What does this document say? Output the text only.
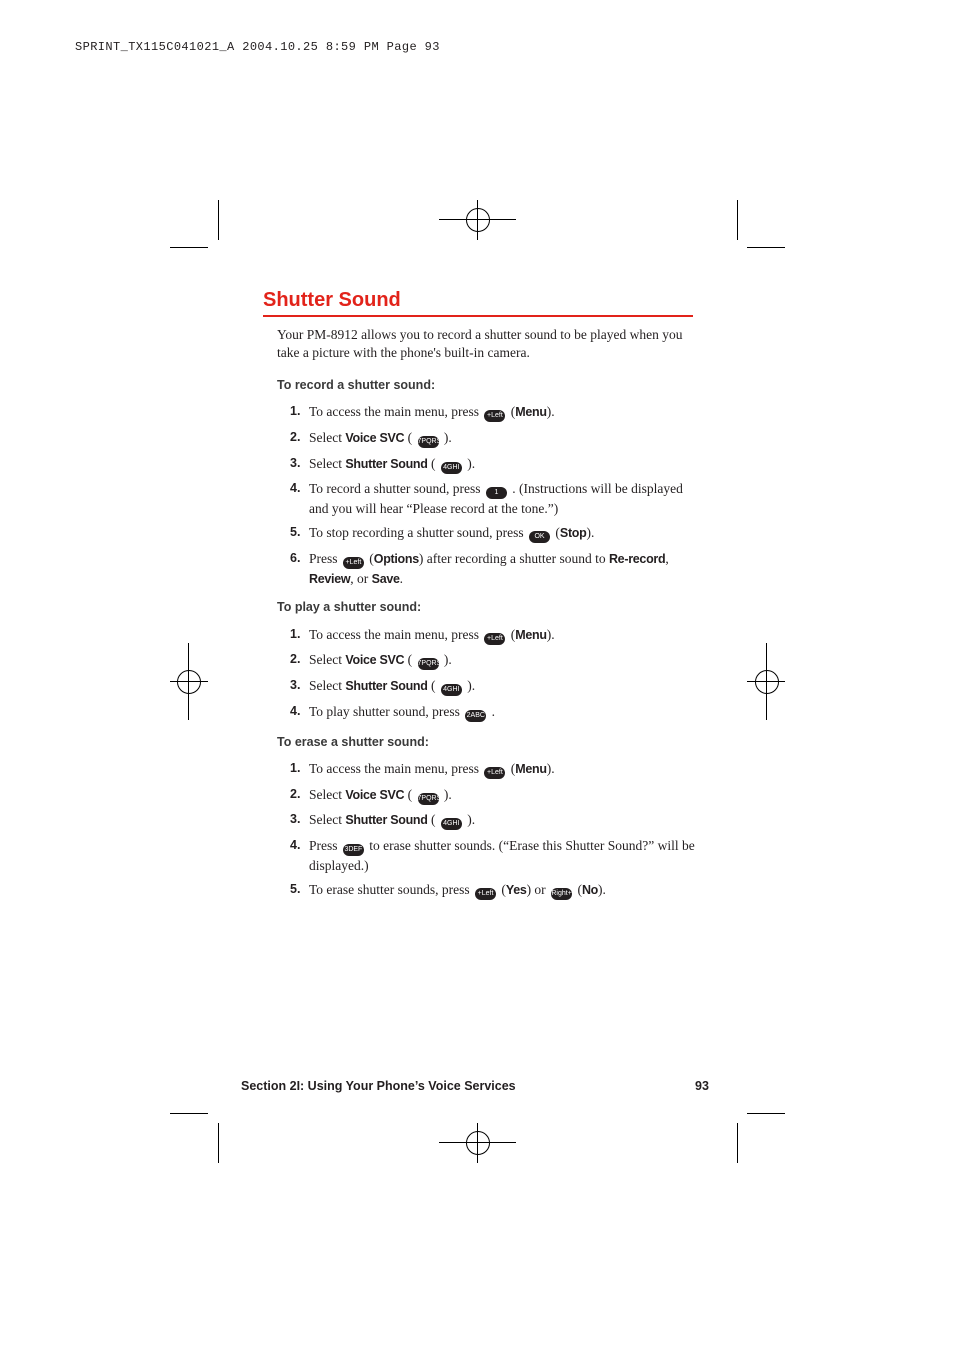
SPRINT_TX115C041021_A 2004.10.25 8:59 PM Page 93
Shutter Sound

Your PM-8912 allows you to record a shutter sound to be played when you take a picture with the phone's built-in camera.

To record a shutter sound:
1. To access the main menu, press +Left (Menu).
2. Select Voice SVC ( 7PQRS ).
3. Select Shutter Sound ( 4GHI ).
4. To record a shutter sound, press 1 . (Instructions will be displayed and you will hear “Please record at the tone.”)
5. To stop recording a shutter sound, press OK (Stop).
6. Press +Left (Options) after recording a shutter sound to Re-record, Review, or Save.
To play a shutter sound:
1. To access the main menu, press +Left (Menu).
2. Select Voice SVC ( 7PQRS ).
3. Select Shutter Sound ( 4GHI ).
4. To play shutter sound, press 2ABC .
To erase a shutter sound:
1. To access the main menu, press +Left (Menu).
2. Select Voice SVC ( 7PQRS ).
3. Select Shutter Sound ( 4GHI ).
4. Press 3DEF to erase shutter sounds. (“Erase this Shutter Sound?” will be displayed.)
5. To erase shutter sounds, press +Left (Yes) or Right+ (No).
Section 2I: Using Your Phone’s Voice Services	93
